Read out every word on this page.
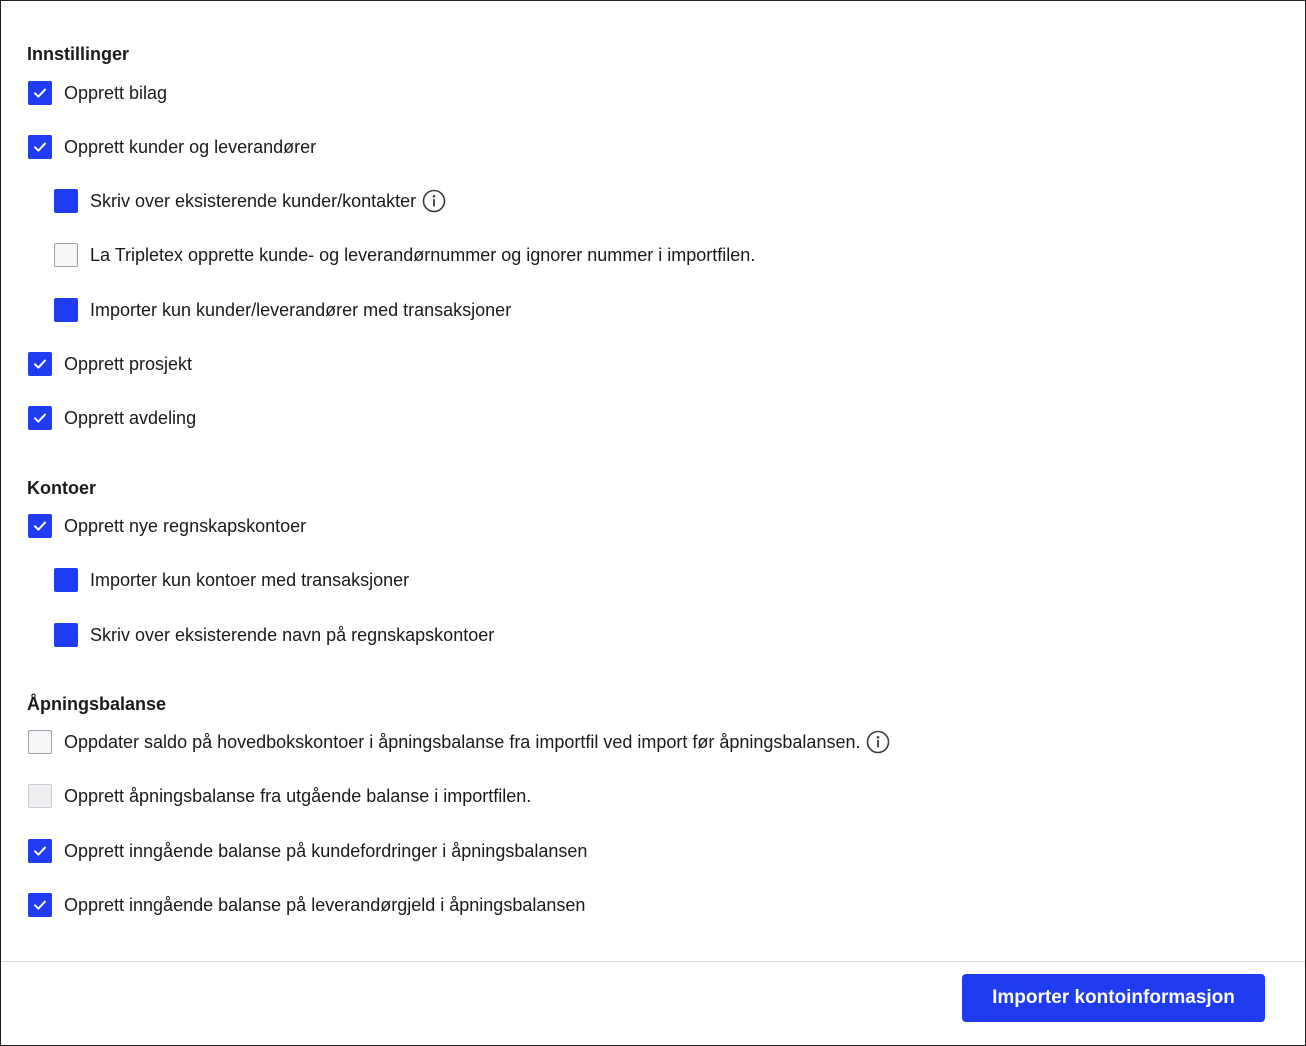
Innstillinger
Opprett bilag
Opprett kunder og leverandører
Skriv over eksisterende kunder/kontakter
La Tripletex opprette kunde- og leverandørnummer og ignorer nummer i importfilen.
Importer kun kunder/leverandører med transaksjoner
Opprett prosjekt
Opprett avdeling
Kontoer
Opprett nye regnskapskontoer
Importer kun kontoer med transaksjoner
Skriv over eksisterende navn på regnskapskontoer
Åpningsbalanse
Oppdater saldo på hovedbokskontoer i åpningsbalanse fra importfil ved import før åpningsbalansen.
Opprett åpningsbalanse fra utgående balanse i importfilen.
Opprett inngående balanse på kundefordringer i åpningsbalansen
Opprett inngående balanse på leverandørgjeld i åpningsbalansen
Importer kontoinformasjon
